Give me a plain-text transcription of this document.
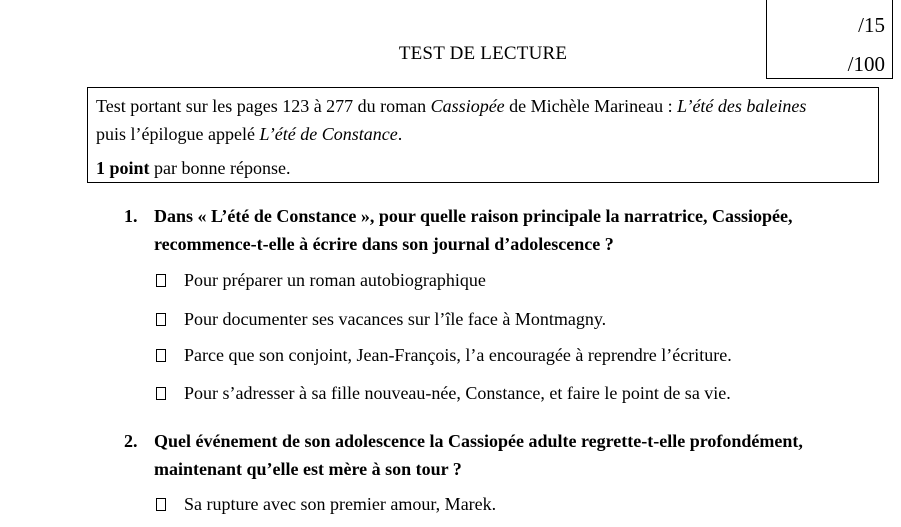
/15
/100
TEST DE LECTURE

Test portant sur les pages 123 à 277 du roman Cassiopée de Michèle Marineau : L’été des baleines

puis l’épilogue appelé L’été de Constance.

1 point par bonne réponse.

1. Dans « L’été de Constance », pour quelle raison principale la narratrice, Cassiopée, recommence-t-elle à écrire dans son journal d’adolescence ?
Pour préparer un roman autobiographique
Pour documenter ses vacances sur l’île face à Montmagny.
Parce que son conjoint, Jean-François, l’a encouragée à reprendre l’écriture.
Pour s’adresser à sa fille nouveau-née, Constance, et faire le point de sa vie.
2. Quel événement de son adolescence la Cassiopée adulte regrette-t-elle profondément, maintenant qu’elle est mère à son tour ?
Sa rupture avec son premier amour, Marek.
